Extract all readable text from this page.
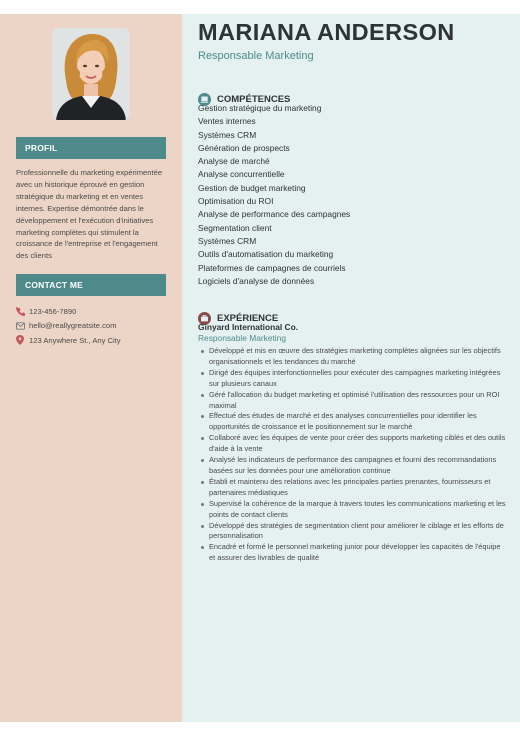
PROFIL
Professionnelle du marketing expérimentée avec un historique éprouvé en gestion stratégique du marketing et en ventes internes. Expertise démontrée dans le développement et l'exécution d'initiatives marketing complètes qui stimulent la croissance de l'entreprise et l'engagement des clients
CONTACT ME
123-456-7890
hello@reallygreatsite.com
123 Anywhere St., Any City
MARIANA ANDERSON
Responsable Marketing
COMPÉTENCES
Gestion stratégique du marketing
Ventes internes
Systèmes CRM
Génération de prospects
Analyse de marché
Analyse concurrentielle
Gestion de budget marketing
Optimisation du ROI
Analyse de performance des campagnes
Segmentation client
Systèmes CRM
Outils d'automatisation du marketing
Plateformes de campagnes de courriels
Logiciels d'analyse de données
EXPÉRIENCE
Ginyard International Co.
Responsable Marketing
Développé et mis en œuvre des stratégies marketing complètes alignées sur les objectifs organisationnels et les tendances du marché
Dirigé des équipes interfonctionnelles pour exécuter des campagnes marketing intégrées sur plusieurs canaux
Géré l'allocation du budget marketing et optimisé l'utilisation des ressources pour un ROI maximal
Effectué des études de marché et des analyses concurrentielles pour identifier les opportunités de croissance et le positionnement sur le marché
Collaboré avec les équipes de vente pour créer des supports marketing ciblés et des outils d'aide à la vente
Analysé les indicateurs de performance des campagnes et fourni des recommandations basées sur les données pour une amélioration continue
Établi et maintenu des relations avec les principales parties prenantes, fournisseurs et partenaires médiatiques
Supervisé la cohérence de la marque à travers toutes les communications marketing et les points de contact clients
Développé des stratégies de segmentation client pour améliorer le ciblage et les efforts de personnalisation
Encadré et formé le personnel marketing junior pour développer les capacités de l'équipe et assurer des livrables de qualité
